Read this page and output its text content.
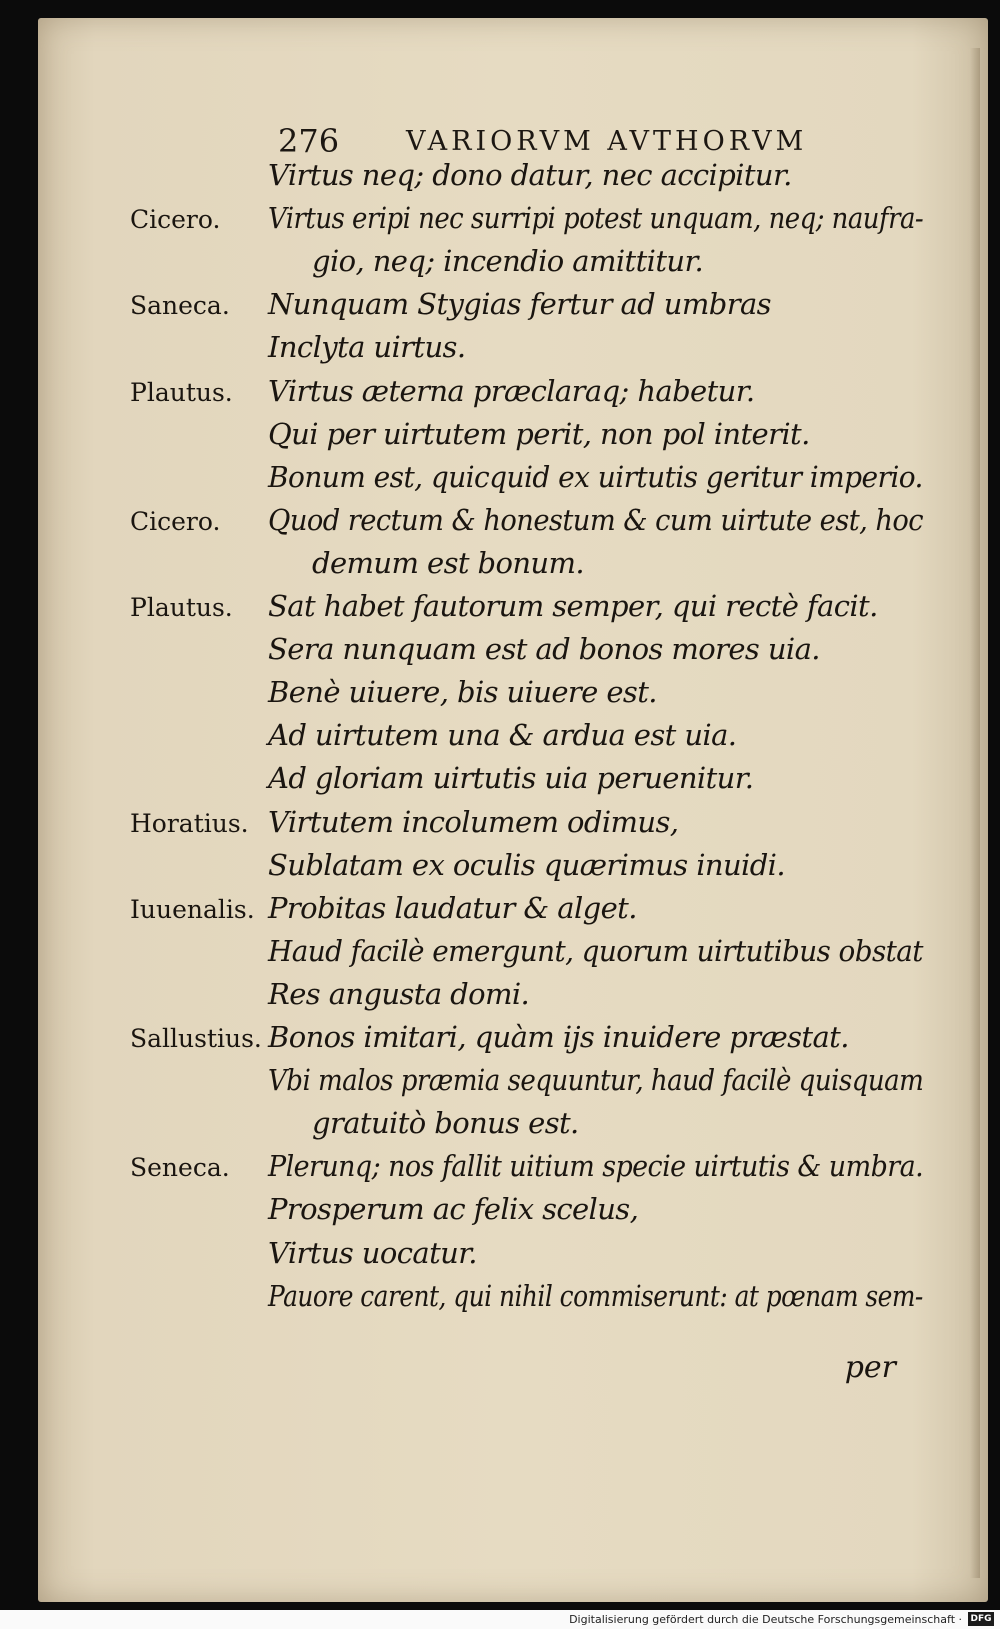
276 VARIORVM AVTHORVM
Virtus neq; dono datur, nec accipitur.
Cicero. Virtus eripi nec surripi potest unquam, neq; naufra-
gio, neq; incendio amittitur.
Saneca. Nunquam Stygias fertur ad umbras
Inclyta uirtus.
Plautus. Virtus æterna præclaraq; habetur.
Qui per uirtutem perit, non pol interit.
Bonum est, quicquid ex uirtutis geritur imperio.
Cicero. Quod rectum & honestum & cum uirtute est, hoc
demum est bonum.
Plautus. Sat habet fautorum semper, qui rectè facit.
Sera nunquam est ad bonos mores uia.
Benè uiuere, bis uiuere est.
Ad uirtutem una & ardua est uia.
Ad gloriam uirtutis uia peruenitur.
Horatius. Virtutem incolumem odimus,
Sublatam ex oculis quærimus inuidi.
Iuuenalis. Probitas laudatur & alget.
Haud facilè emergunt, quorum uirtutibus obstat
Res angusta domi.
Sallustius. Bonos imitari, quàm ijs inuidere præstat.
Vbi malos præmia sequuntur, haud facilè quisquam
gratuitò bonus est.
Seneca. Plerunq; nos fallit uitium specie uirtutis & umbra.
Prosperum ac felix scelus,
Virtus uocatur.
Pauore carent, qui nihil commiserunt: at pœnam sem-
per
Digitalisierung gefördert durch die Deutsche Forschungsgemeinschaft · DFG
